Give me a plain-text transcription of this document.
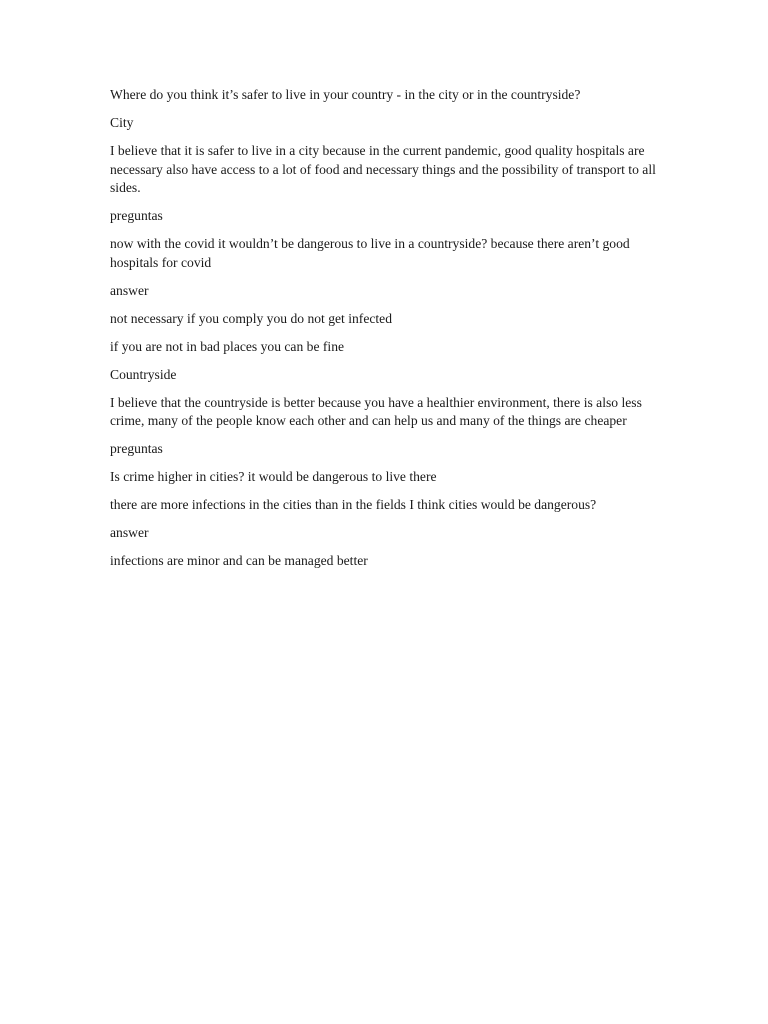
Where do you think it’s safer to live in your country - in the city or in the countryside?

City

I believe that it is safer to live in a city because in the current pandemic, good quality hospitals are necessary also have access to a lot of food and necessary things and the possibility of transport to all sides.

preguntas

now with the covid it wouldn’t be dangerous to live in a countryside? because there aren’t good hospitals for covid

answer

not necessary if you comply you do not get infected

if you are not in bad places you can be fine

Countryside

I believe that the countryside is better because you have a healthier environment, there is also less crime, many of the people know each other and can help us and many of the things are cheaper

preguntas

Is crime higher in cities? it would be dangerous to live there

there are more infections in the cities than in the fields I think cities would be dangerous?

answer

infections are minor and can be managed better
